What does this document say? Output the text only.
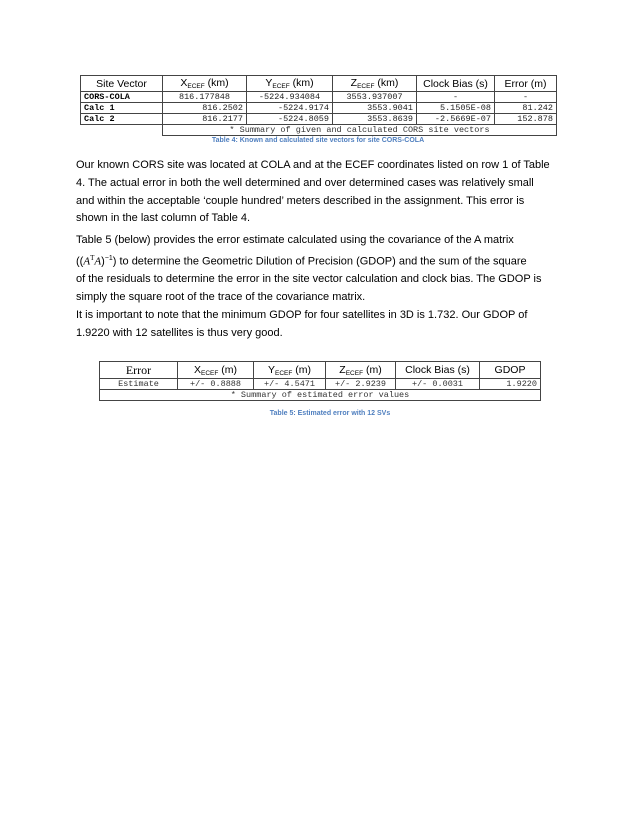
Site Vector	$X_{ECEF}$ (km)	$Y_{ECEF}$ (km)	$Z_{ECEF}$ (km)	Clock Bias (s)	Error (m)
CORS-COLA	816.177848	-5224.934084	3553.937007	-	-
Calc 1	816.2502	-5224.9174	3553.9041	5.1505E-08	81.242
Calc 2	816.2177	-5224.8059	3553.8639	-2.5669E-07	152.878
	* Summary of given and calculated CORS site vectors				
Table 4: Known and calculated site vectors for site CORS-COLA
Our known CORS site was located at COLA and at the ECEF coordinates listed on row 1 of Table
4. The actual error in both the well determined and over determined cases was relatively small
and within the acceptable ‘couple hundred’ meters described in the assignment. This error is
shown in the last column of Table 4.
Table 5 (below) provides the error estimate calculated using the covariance of the A matrix
$((A^TA)^{-1})$ to determine the Geometric Dilution of Precision (GDOP) and the sum of the square
of the residuals to determine the error in the site vector calculation and clock bias. The GDOP is
simply the square root of the trace of the covariance matrix.
It is important to note that the minimum GDOP for four satellites in 3D is 1.732. Our GDOP of
1.9220 with 12 satellites is thus very good.
Error	$X_{ECEF}$ (m)	$Y_{ECEF}$ (m)	$Z_{ECEF}$ (m)	Clock Bias (s)	GDOP
Estimate	+/- 0.8888	+/- 4.5471	+/- 2.9239	+/- 0.0031	1.9220
* Summary of estimated error values					
Table 5: Estimated error with 12 SVs
